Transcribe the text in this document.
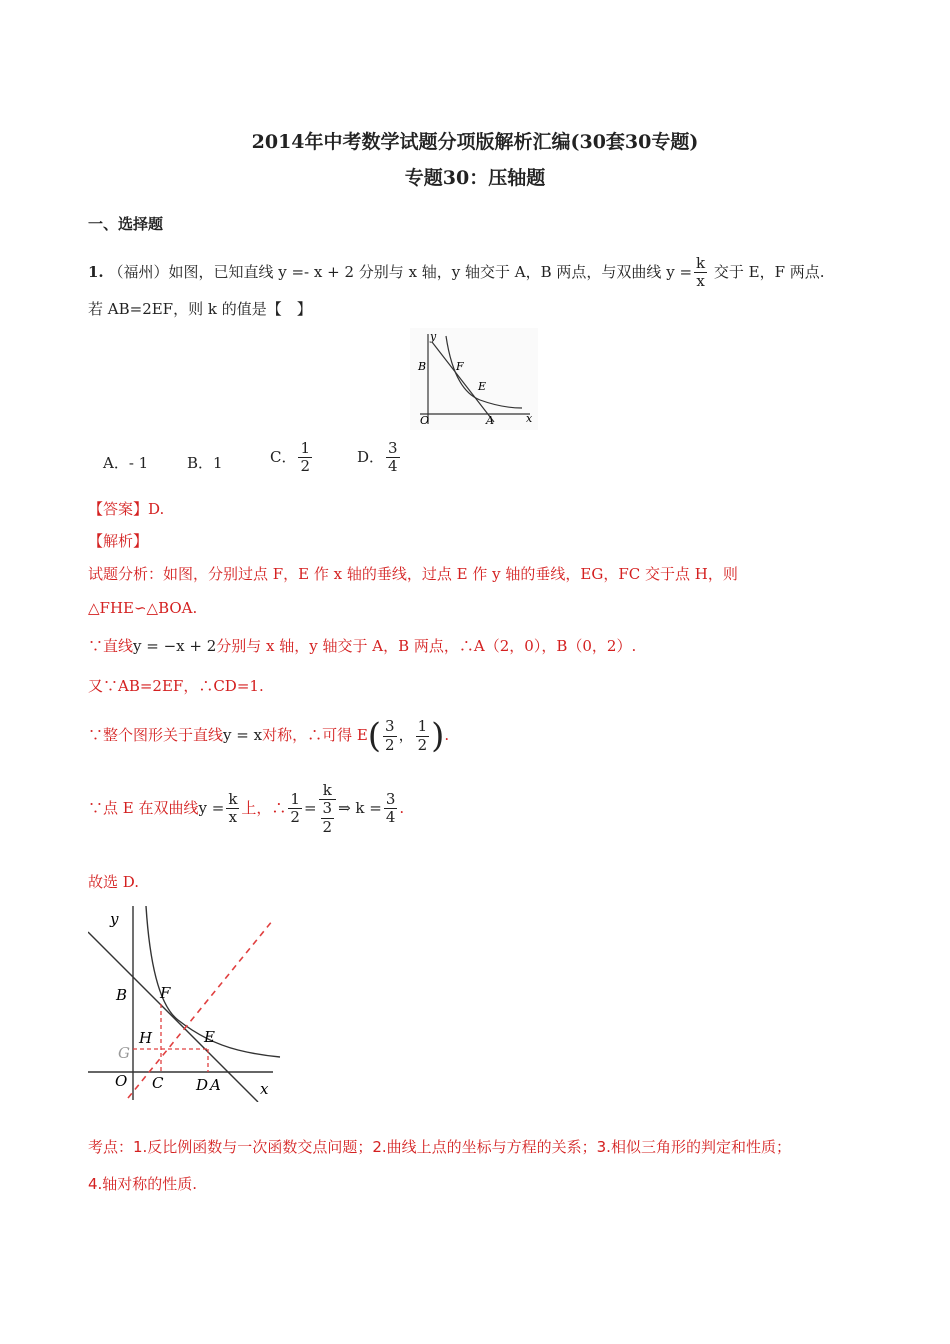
2014年中考数学试题分项版解析汇编(30套30专题)
专题30：压轴题
一、选择题
1. （福州）如图，已知直线 y =- x + 2 分别与 x 轴，y 轴交于 A，B 两点，与双曲线 $y = \frac{k}{x}$ 交于 E，F 两点.
若 AB=2EF，则 k 的值是【　】
y
x
B	F
E
O	A
A．- 1	B．1	C． $\frac{1}{2}$	D． $\frac{3}{4}$
【答案】D.
【解析】
试题分析：如图，分别过点 F，E 作 x 轴的垂线，过点 E 作 y 轴的垂线，EG，FC 交于点 H，则
△FHE∽△BOA.
∵直线y = −x + 2分别与 x 轴，y 轴交于 A，B 两点，∴A（2，0），B（0，2）.
又∵AB=2EF，∴CD=1.
∵整个图形关于直线y = x对称，∴可得 $E( \frac{3}{2}$ ， $\frac{1}{2}$ ).
∵点 E 在双曲线$y = \frac{k}{x}$ 上，∴ $\frac{1}{2} = \frac{k}{\frac{3}{2}}$ ⇒ $k = \frac{3}{4}$ .
故选 D.
y
x
B F
H	E
G
O C D A
考点：1.反比例函数与一次函数交点问题；2.曲线上点的坐标与方程的关系；3.相似三角形的判定和性质；
4.轴对称的性质.
